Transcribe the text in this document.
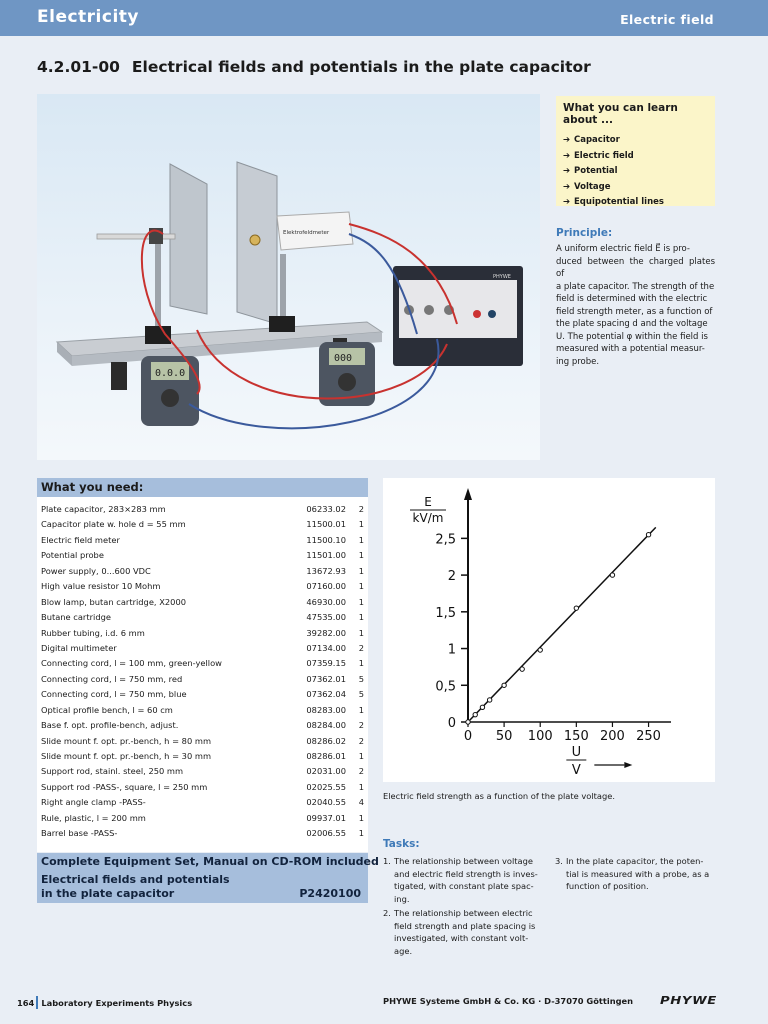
Electricity	Electric field
4.2.01-00 Electrical fields and potentials in the plate capacitor
Elektrofeldmeter
PHYWE
0.0.0
000
What you can learn about ...
➔ Capacitor
➔ Electric field
➔ Potential
➔ Voltage
➔ Equipotential lines
Principle:
A uniform electric field E⃗ is pro-
duced between the charged plates of
a plate capacitor. The strength of the
field is determined with the electric
field strength meter, as a function of
the plate spacing d and the voltage
U. The potential φ within the field is
measured with a potential measur-
ing probe.
What you need:
Plate capacitor, 283×283 mm	06233.02 2
Capacitor plate w. hole d = 55 mm	11500.01 1
Electric field meter	11500.10 1
Potential probe	11501.00 1
Power supply, 0...600 VDC	13672.93 1
High value resistor 10 Mohm	07160.00 1
Blow lamp, butan cartridge, X2000	46930.00 1
Butane cartridge	47535.00 1
Rubber tubing, i.d. 6 mm	39282.00 1
Digital multimeter	07134.00 2
Connecting cord, l = 100 mm, green-yellow	07359.15 1
Connecting cord, l = 750 mm, red	07362.01 5
Connecting cord, l = 750 mm, blue	07362.04 5
Optical profile bench, l = 60 cm	08283.00 1
Base f. opt. profile-bench, adjust.	08284.00 2
Slide mount f. opt. pr.-bench, h = 80 mm	08286.02 2
Slide mount f. opt. pr.-bench, h = 30 mm	08286.01 1
Support rod, stainl. steel, 250 mm	02031.00 2
Support rod -PASS-, square, l = 250 mm	02025.55 1
Right angle clamp -PASS-	02040.55 4
Rule, plastic, l = 200 mm	09937.01 1
Barrel base -PASS-	02006.55 1
Complete Equipment Set, Manual on CD-ROM included
Electrical fields and potentials
in the plate capacitor	P2420100
0
0,5
1
1,5
2
2,5
0 50 100 150 200 250
E
kV/m
U
V
Electric field strength as a function of the plate voltage.
Tasks:
1. The relationship between voltage
and electric field strength is inves-
tigated, with constant plate spac-
ing.
2. The relationship between electric
field strength and plate spacing is
investigated, with constant volt-
age.
3. In the plate capacitor, the poten-
tial is measured with a probe, as a
function of position.
164 Laboratory Experiments Physics	PHYWE Systeme GmbH & Co. KG · D-37070 Göttingen PHYWE
